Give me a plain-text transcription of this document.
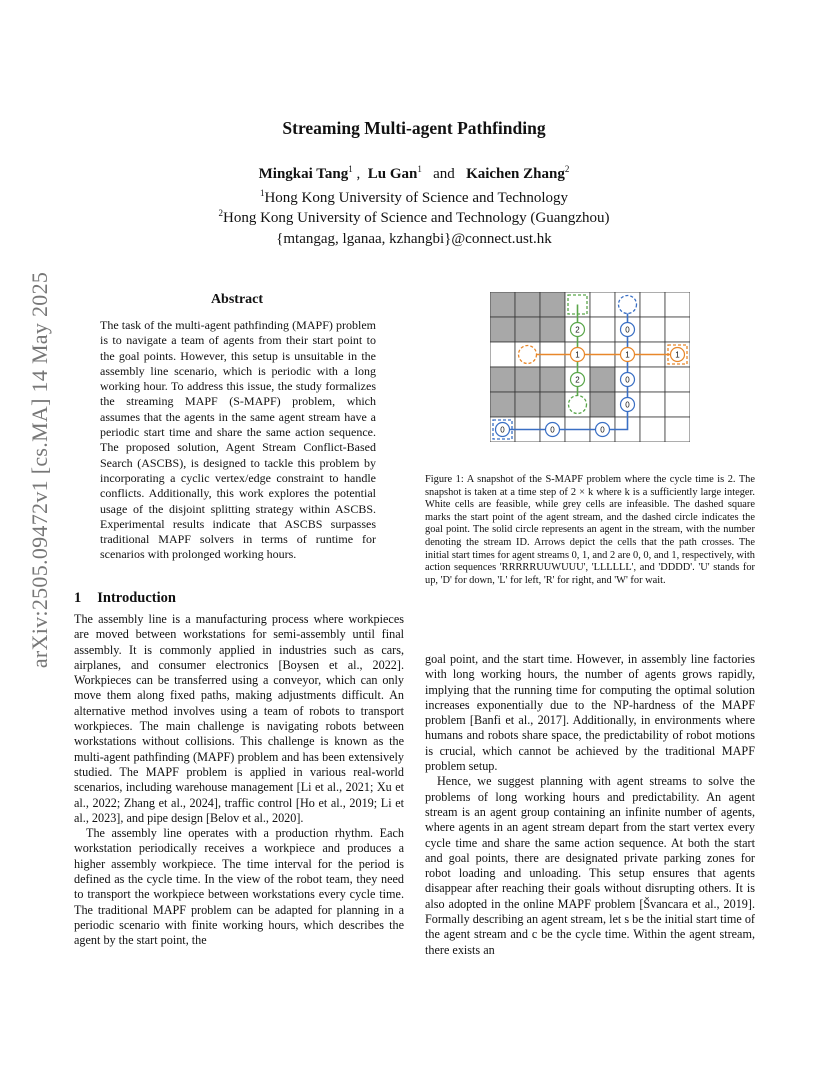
arXiv:2505.09472v1 [cs.MA] 14 May 2025
Streaming Multi-agent Pathfinding
Mingkai Tang$^1$ , Lu Gan$^1$ and Kaichen Zhang$^2$
$^1$Hong Kong University of Science and Technology
$^2$Hong Kong University of Science and Technology (Guangzhou)
{mtangag, lganaa, kzhangbi}@connect.ust.hk
Abstract

The task of the multi-agent pathfinding (MAPF) problem is to navigate a team of agents from their start point to the goal points. However, this setup is unsuitable in the assembly line scenario, which is periodic with a long working hour. To address this issue, the study formalizes the streaming MAPF (S-MAPF) problem, which assumes that the agents in the same agent stream have a periodic start time and share the same action sequence. The proposed solution, Agent Stream Conflict-Based Search (ASCBS), is designed to tackle this problem by incorporating a cyclic vertex/edge constraint to handle conflicts. Additionally, this work explores the potential usage of the disjoint splitting strategy within ASCBS. Experimental results indicate that ASCBS surpasses traditional MAPF solvers in terms of runtime for scenarios with prolonged working hours.

1 Introduction

The assembly line is a manufacturing process where workpieces are moved between workstations for semi-assembly until final assembly. It is commonly applied in industries such as cars, airplanes, and consumer electronics [Boysen et al., 2022]. Workpieces can be transferred using a conveyor, which can only move them along fixed paths, making adjustments difficult. An alternative method involves using a team of robots to transport workpieces. The main challenge is navigating robots between workstations without collisions. This challenge is known as the multi-agent pathfinding (MAPF) problem and has been extensively studied. The MAPF problem is applied in various real-world scenarios, including warehouse management [Li et al., 2021; Xu et al., 2022; Zhang et al., 2024], traffic control [Ho et al., 2019; Li et al., 2023], and pipe design [Belov et al., 2020].

The assembly line operates with a production rhythm. Each workstation periodically receives a workpiece and produces a higher assembly workpiece. The time interval for the period is defined as the cycle time. In the view of the robot team, they need to transport the workpiece between workstations every cycle time. The traditional MAPF problem can be adapted for planning in a periodic scenario with finite working hours, which describes the agent by the start point, the

2
1
2
0
1
0
0
1
0	0	0

Figure 1: A snapshot of the S-MAPF problem where the cycle time is 2. The snapshot is taken at a time step of 2 × k where k is a sufficiently large integer. White cells are feasible, while grey cells are infeasible. The dashed square marks the start point of the agent stream, and the dashed circle indicates the goal point. The solid circle represents an agent in the stream, with the number denoting the stream ID. Arrows depict the cells that the path crosses. The initial start times for agent streams 0, 1, and 2 are 0, 0, and 1, respectively, with action sequences 'RRRRRUUWUUU', 'LLLLLL', and 'DDDD'. 'U' stands for up, 'D' for down, 'L' for left, 'R' for right, and 'W' for wait.

goal point, and the start time. However, in assembly line factories with long working hours, the number of agents grows rapidly, implying that the running time for computing the optimal solution increases exponentially due to the NP-hardness of the MAPF problem [Banfi et al., 2017]. Additionally, in environments where humans and robots share space, the predictability of robot motions is crucial, which cannot be achieved by the traditional MAPF problem setup.

Hence, we suggest planning with agent streams to solve the problems of long working hours and predictability. An agent stream is an agent group containing an infinite number of agents, where agents in an agent stream depart from the start vertex every cycle time and share the same action sequence. At both the start and goal points, there are designated private parking zones for robot loading and unloading. This setup ensures that agents disappear after reaching their goals without disrupting others. It is also adopted in the online MAPF problem [Švancara et al., 2019]. Formally describing an agent stream, let s be the initial start time of the agent stream and c be the cycle time. Within the agent stream, there exists an
